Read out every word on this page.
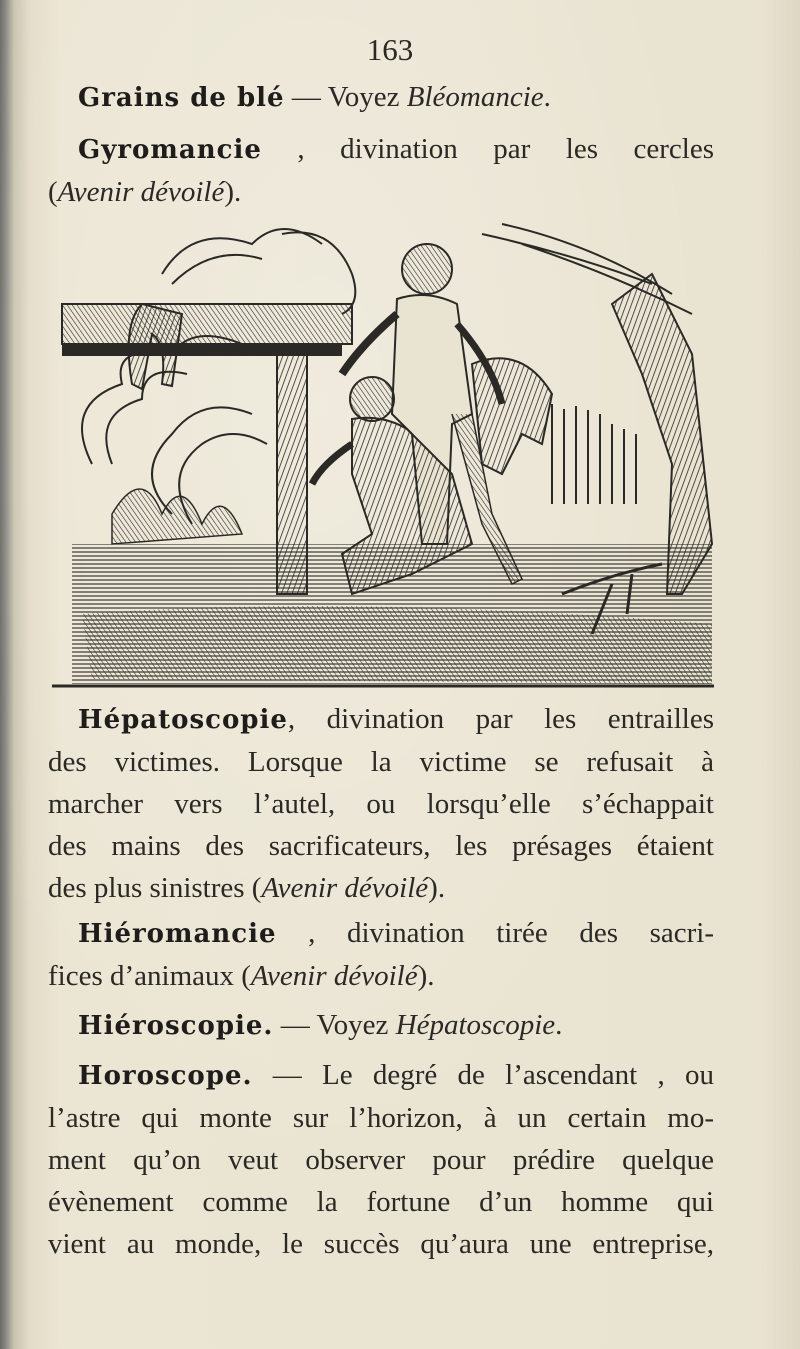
163
Grains de blé — Voyez Bléomancie.
Gyromancie , divination par les cercles
(Avenir dévoilé).
Hépatoscopie, divination par les entrailles
des victimes. Lorsque la victime se refusait à
marcher vers l’autel, ou lorsqu’elle s’échappait
des mains des sacrificateurs, les présages étaient
des plus sinistres (Avenir dévoilé).
Hiéromancie , divination tirée des sacri-
fices d’animaux (Avenir dévoilé).
Hiéroscopie. — Voyez Hépatoscopie.
Horoscope. — Le degré de l’ascendant , ou
l’astre qui monte sur l’horizon, à un certain mo-
ment qu’on veut observer pour prédire quelque
évènement comme la fortune d’un homme qui
vient au monde, le succès qu’aura une entreprise,
